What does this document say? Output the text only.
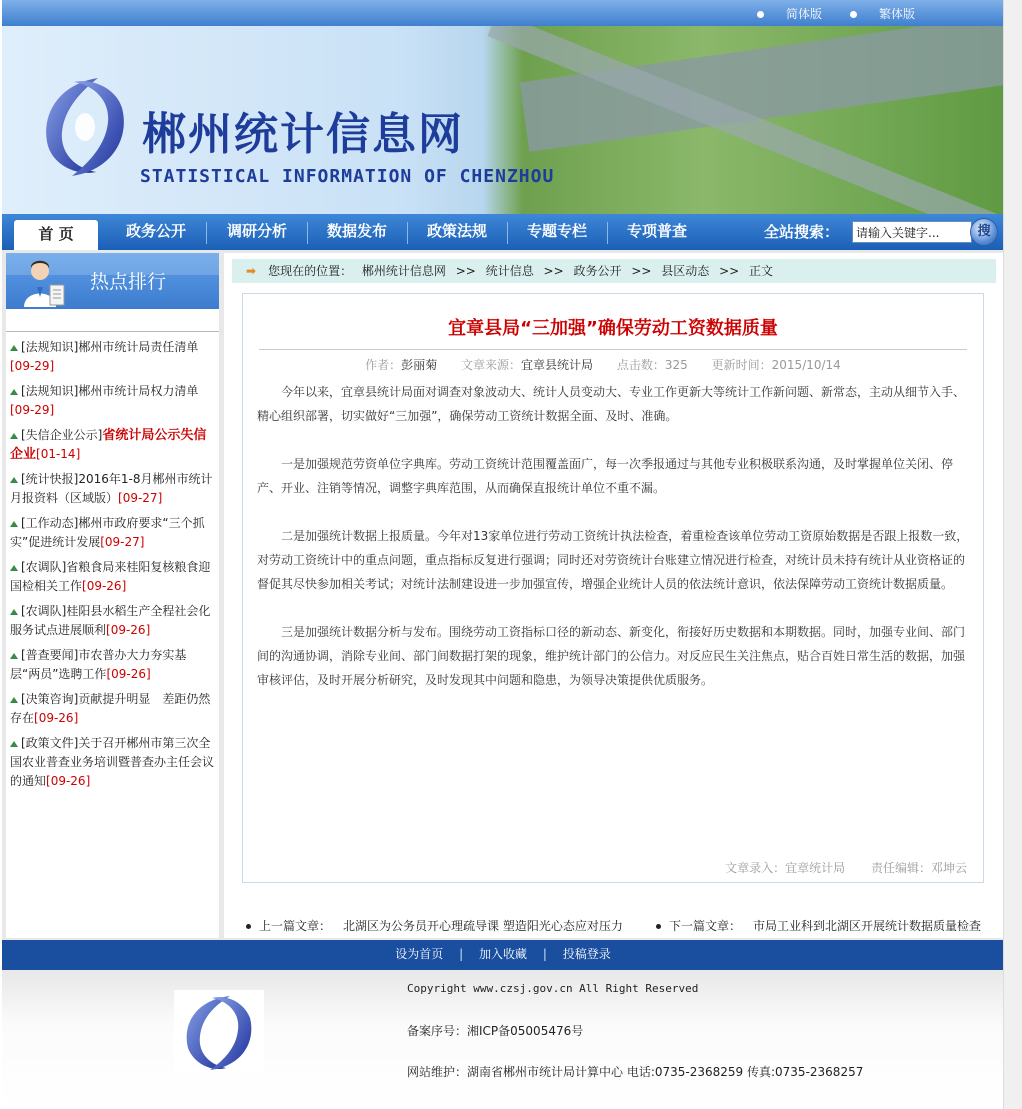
简体版	繁体版
郴州统计信息网
STATISTICAL INFORMATION OF CHENZHOU
首 页	政务公开	调研分析	数据发布	政策法规	专题专栏	专项普查	全站搜索：
请输入关键字...	搜
热点排行
[法规知识]郴州市统计局责任清单
[09-29]
[法规知识]郴州市统计局权力清单
[09-29]
[失信企业公示]省统计局公示失信企业[01-14]
[统计快报]2016年1-8月郴州市统计月报资料（区域版）[09-27]
[工作动态]郴州市政府要求“三个抓实”促进统计发展[09-27]
[农调队]省粮食局来桂阳复核粮食迎国检相关工作[09-26]
[农调队]桂阳县水稻生产全程社会化服务试点进展顺利[09-26]
[普查要闻]市农普办大力夯实基层“两员”选聘工作[09-26]
[决策咨询]贡献提升明显　差距仍然存在[09-26]
[政策文件]关于召开郴州市第三次全国农业普查业务培训暨普查办主任会议的通知[09-26]
➡ 您现在的位置： 郴州统计信息网 >> 统计信息 >> 政务公开 >> 县区动态 >> 正文
宜章县局“三加强”确保劳动工资数据质量
作者：彭丽菊 文章来源：宜章县统计局 点击数：325 更新时间：2015/10/14

今年以来，宜章县统计局面对调查对象波动大、统计人员变动大、专业工作更新大等统计工作新问题、新常态，主动从细节入手、精心组织部署，切实做好“三加强”，确保劳动工资统计数据全面、及时、准确。

一是加强规范劳资单位字典库。劳动工资统计范围覆盖面广，每一次季报通过与其他专业积极联系沟通，及时掌握单位关闭、停产、开业、注销等情况，调整字典库范围，从而确保直报统计单位不重不漏。

二是加强统计数据上报质量。今年对13家单位进行劳动工资统计执法检查，着重检查该单位劳动工资原始数据是否跟上报数一致，对劳动工资统计中的重点问题，重点指标反复进行强调；同时还对劳资统计台账建立情况进行检查，对统计员未持有统计从业资格证的督促其尽快参加相关考试；对统计法制建设进一步加强宣传，增强企业统计人员的依法统计意识，依法保障劳动工资统计数据质量。

三是加强统计数据分析与发布。围绕劳动工资指标口径的新动态、新变化，衔接好历史数据和本期数据。同时，加强专业间、部门间的沟通协调，消除专业间、部门间数据打架的现象，维护统计部门的公信力。对反应民生关注焦点，贴合百姓日常生活的数据，加强审核评估，及时开展分析研究，及时发现其中问题和隐患，为领导决策提供优质服务。

文章录入：宜章统计局 责任编辑：邓坤云
上一篇文章： 北湖区为公务员开心理疏导课 塑造阳光心态应对压力	下一篇文章： 市局工业科到北湖区开展统计数据质量检查
设为首页 | 加入收藏 | 投稿登录
Copyright www.czsj.gov.cn All Right Reserved
备案序号：湘ICP备05005476号
网站维护：湖南省郴州市统计局计算中心 电话:0735-2368259 传真:0735-2368257
